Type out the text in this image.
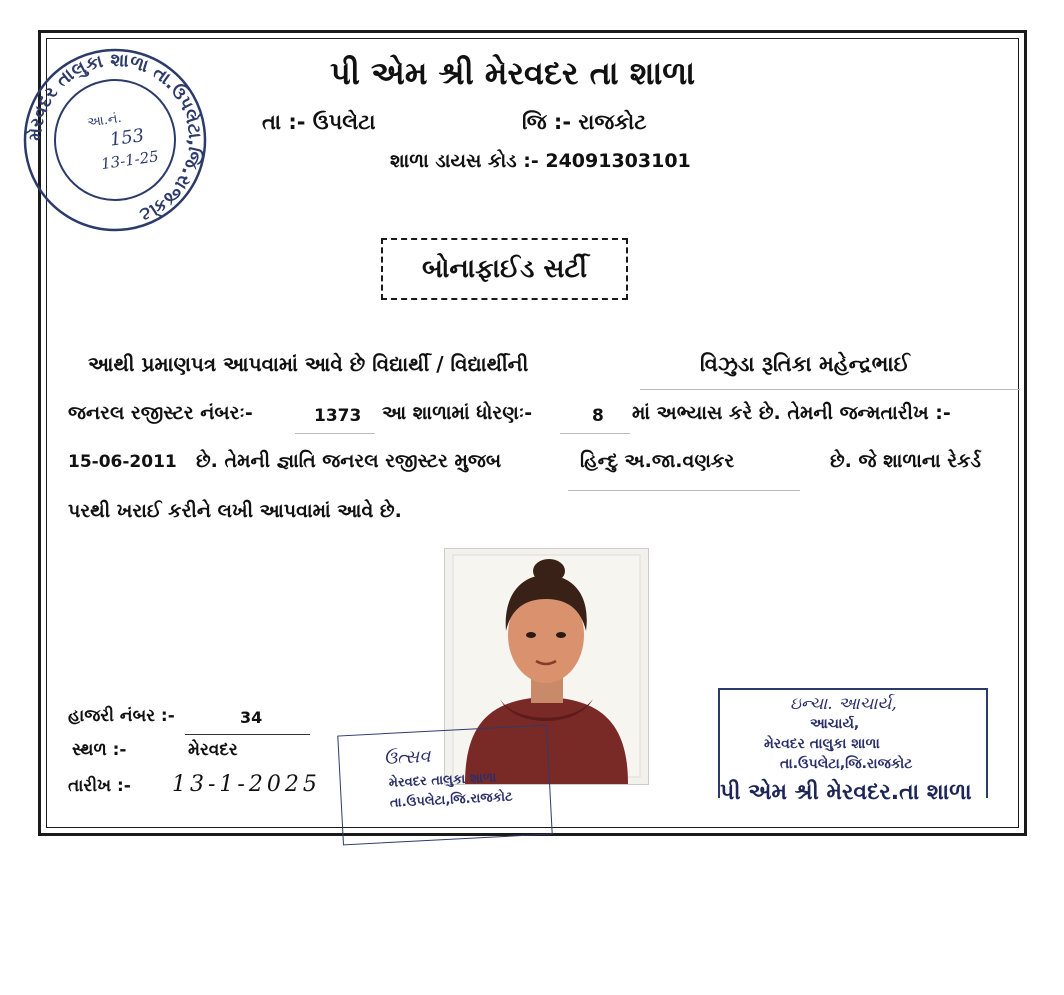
મેરવદર તાલુકા શાળા તા.ઉપલેટા,જિ.રાજકોટ
આ.નં.
153
13-1-25
પી એમ શ્રી મેરવદર તા શાળા
તા :- ઉપલેટા	જિ :- રાજકોટ
શાળા ડાયસ કોડ :- 24091303101
બોનાફાઈડ સર્ટી
આથી પ્રમાણપત્ર આપવામાં આવે છે વિદ્યાર્થી / વિદ્યાર્થીની	વિઝુડા રૂતિકા મહેન્દ્રભાઈ
જનરલ રજીસ્ટર નંબરઃ-	1373 આ શાળામાં ધોરણઃ-	8 માં અભ્યાસ કરે છે. તેમની જન્મતારીખ :-
15-06-2011 છે. તેમની જ્ઞાતિ જનરલ રજીસ્ટર મુજબ	હિન્દુ અ.જા.વણકર	છે. જે શાળાના રેકર્ડ
પરથી ખરાઈ કરીને લખી આપવામાં આવે છે.
હાજરી નંબર :-	34
સ્થળ :-	મેરવદર
તારીખ :- 13-1-2025
ઉત્સવ
મેરવદર તાલુકા શાળા
તા.ઉપલેટા,જિ.રાજકોટ
ઇન્ચા. આચાર્ય,
આચાર્ય,
મેરવદર તાલુકા શાળા
તા.ઉપલેટા,જિ.રાજકોટ
પી એમ શ્રી મેરવદર.તા શાળા
